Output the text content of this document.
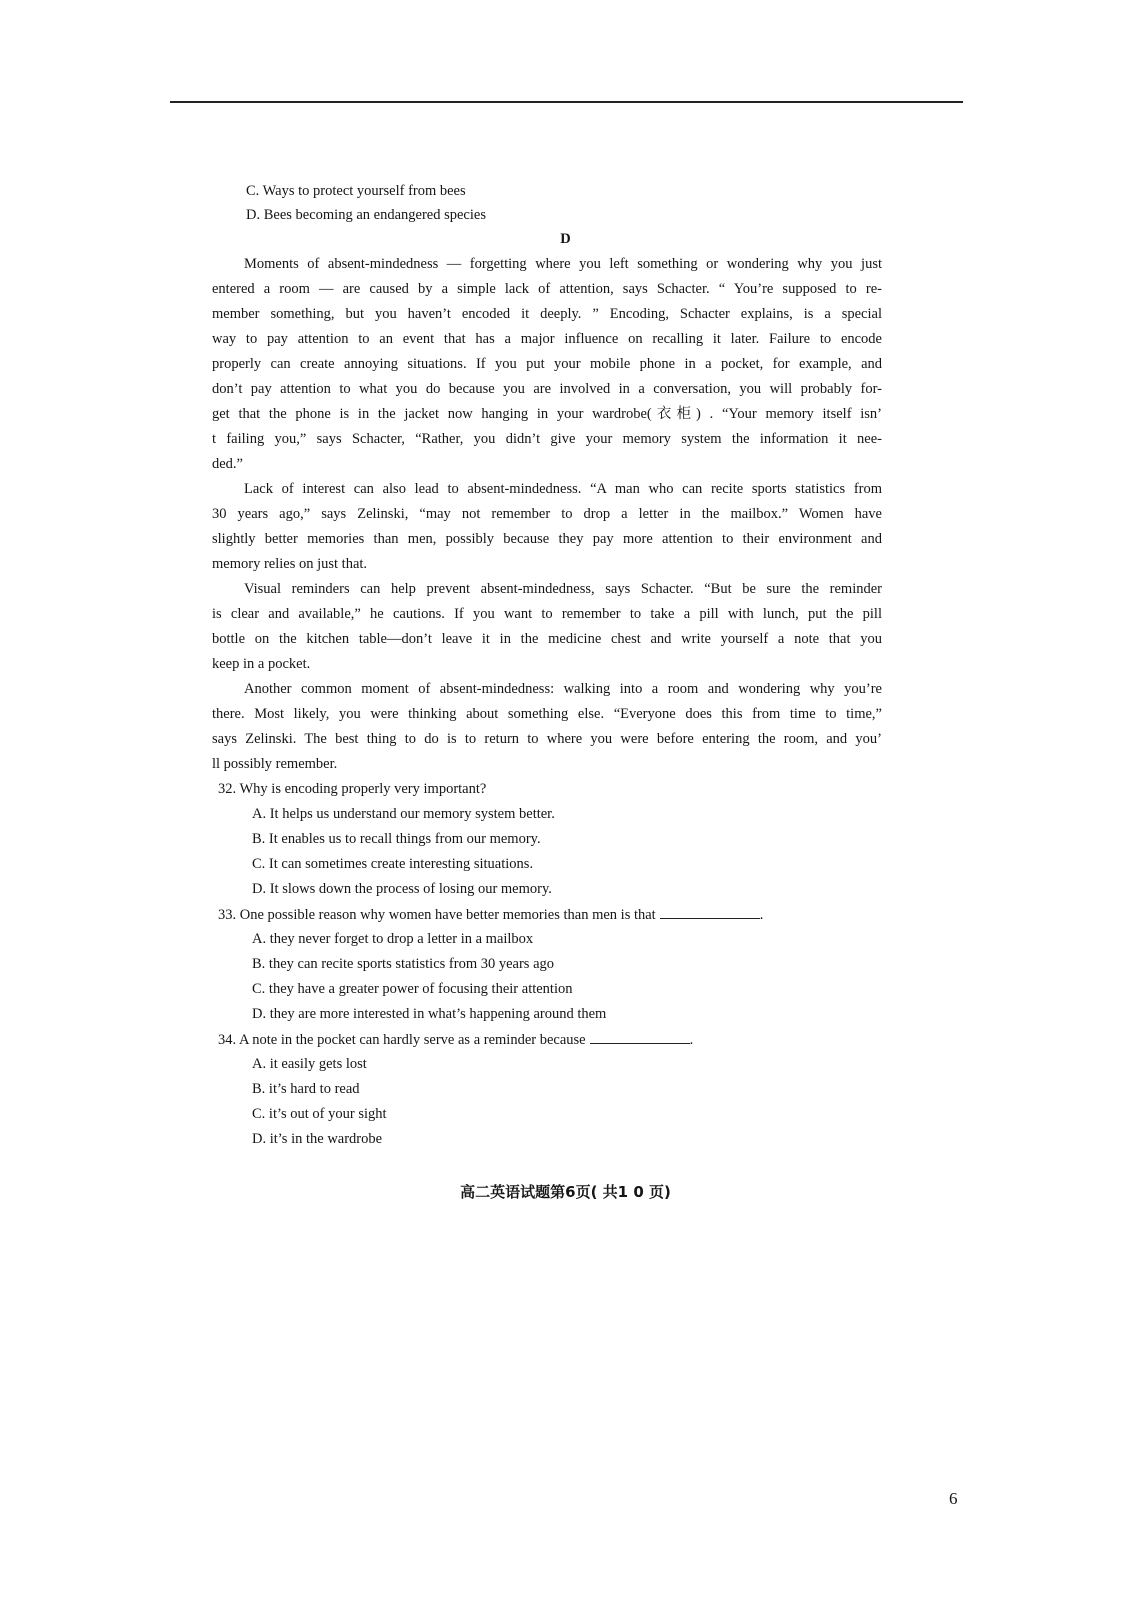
C. Ways to protect yourself from bees
D. Bees becoming an endangered species
D
Moments of absent-mindedness — forgetting where you left something or wondering why you just
entered a room — are caused by a simple lack of attention, says Schacter. “ You’re supposed to re-
member something, but you haven’t encoded it deeply. ” Encoding, Schacter explains, is a special
way to pay attention to an event that has a major influence on recalling it later. Failure to encode
properly can create annoying situations. If you put your mobile phone in a pocket, for example, and
don’t pay attention to what you do because you are involved in a conversation, you will probably for-
get that the phone is in the jacket now hanging in your wardrobe(衣柜) . “Your memory itself isn’
t failing you,” says Schacter, “Rather, you didn’t give your memory system the information it nee-
ded.”
Lack of interest can also lead to absent-mindedness. “A man who can recite sports statistics from
30 years ago,” says Zelinski, “may not remember to drop a letter in the mailbox.” Women have
slightly better memories than men, possibly because they pay more attention to their environment and
memory relies on just that.
Visual reminders can help prevent absent-mindedness, says Schacter. “But be sure the reminder
is clear and available,” he cautions. If you want to remember to take a pill with lunch, put the pill
bottle on the kitchen table—don’t leave it in the medicine chest and write yourself a note that you
keep in a pocket.
Another common moment of absent-mindedness: walking into a room and wondering why you’re
there. Most likely, you were thinking about something else. “Everyone does this from time to time,”
says Zelinski. The best thing to do is to return to where you were before entering the room, and you’
ll possibly remember.
32. Why is encoding properly very important?
A. It helps us understand our memory system better.
B. It enables us to recall things from our memory.
C. It can sometimes create interesting situations.
D. It slows down the process of losing our memory.
33. One possible reason why women have better memories than men is that	.
A. they never forget to drop a letter in a mailbox
B. they can recite sports statistics from 30 years ago
C. they have a greater power of focusing their attention
D. they are more interested in what’s happening around them
34. A note in the pocket can hardly serve as a reminder because	.
A. it easily gets lost
B. it’s hard to read
C. it’s out of your sight
D. it’s in the wardrobe
高二英语试题第6页( 共1 0 页)
6
